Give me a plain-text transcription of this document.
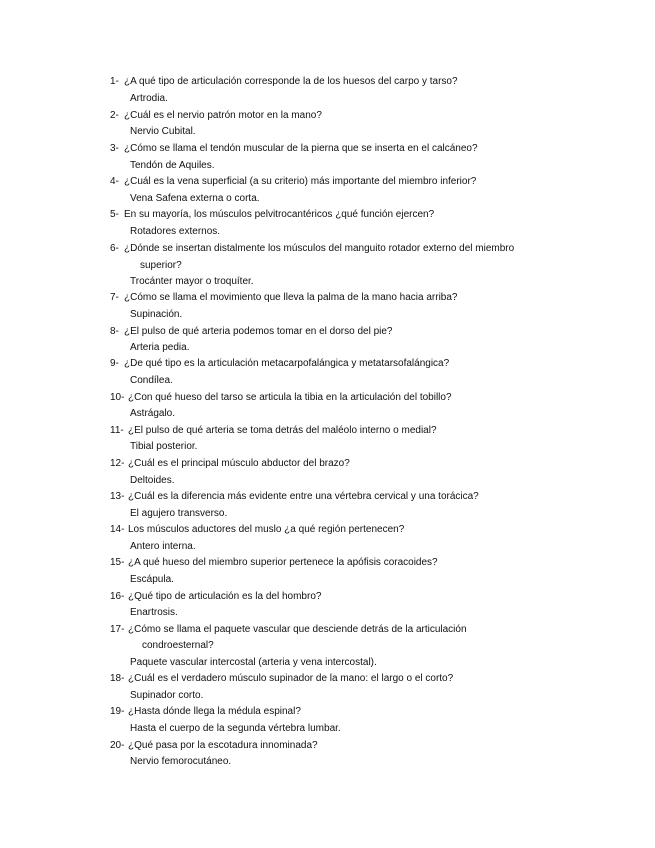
1- ¿A qué tipo de articulación corresponde la de los huesos del carpo y tarso?
Artrodia.
2- ¿Cuál es el nervio patrón motor en la mano?
Nervio Cubital.
3- ¿Cómo se llama el tendón muscular de la pierna que se inserta en el calcáneo?
Tendón de Aquiles.
4- ¿Cuál es la vena superficial (a su criterio) más importante del miembro inferior?
Vena Safena externa o corta.
5- En su mayoría, los músculos pelvitrocantéricos ¿qué función ejercen?
Rotadores externos.
6- ¿Dónde se insertan distalmente los músculos del manguito rotador externo del miembro
superior?
Trocánter mayor o troquíter.
7- ¿Cómo se llama el movimiento que lleva la palma de la mano hacia arriba?
Supinación.
8- ¿El pulso de qué arteria podemos tomar en el dorso del pie?
Arteria pedia.
9- ¿De qué tipo es la articulación metacarpofalángica y metatarsofalángica?
Condílea.
10- ¿Con qué hueso del tarso se articula la tibia en la articulación del tobillo?
Astrágalo.
11- ¿El pulso de qué arteria se toma detrás del maléolo interno o medial?
Tibial posterior.
12- ¿Cuál es el principal músculo abductor del brazo?
Deltoides.
13- ¿Cuál es la diferencia más evidente entre una vértebra cervical y una torácica?
El agujero transverso.
14- Los músculos aductores del muslo ¿a qué región pertenecen?
Antero interna.
15- ¿A qué hueso del miembro superior pertenece la apófisis coracoides?
Escápula.
16- ¿Qué tipo de articulación es la del hombro?
Enartrosis.
17- ¿Cómo se llama el paquete vascular que desciende detrás de la articulación
condroesternal?
Paquete vascular intercostal (arteria y vena intercostal).
18- ¿Cuál es el verdadero músculo supinador de la mano: el largo o el corto?
Supinador corto.
19- ¿Hasta dónde llega la médula espinal?
Hasta el cuerpo de la segunda vértebra lumbar.
20- ¿Qué pasa por la escotadura innominada?
Nervio femorocutáneo.
